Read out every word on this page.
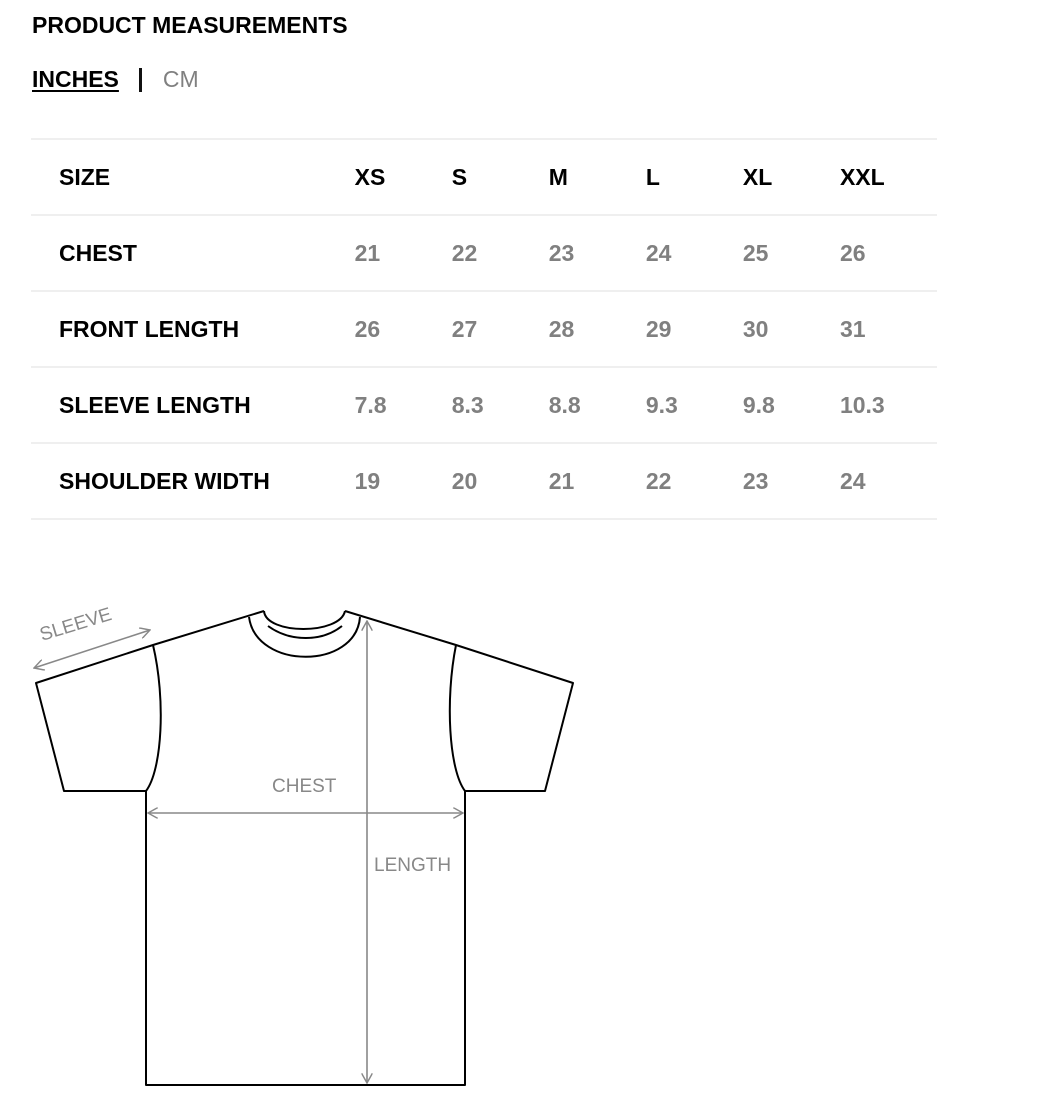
PRODUCT MEASUREMENTS
INCHES CM
SIZE	XS	S	M	L	XL	XXL
CHEST	21	22	23	24	25	26
FRONT LENGTH	26	27	28	29	30	31
SLEEVE LENGTH	7.8	8.3	8.8	9.3	9.8	10.3
SHOULDER WIDTH	19	20	21	22	23	24
SLEEVE
CHEST
LENGTH
